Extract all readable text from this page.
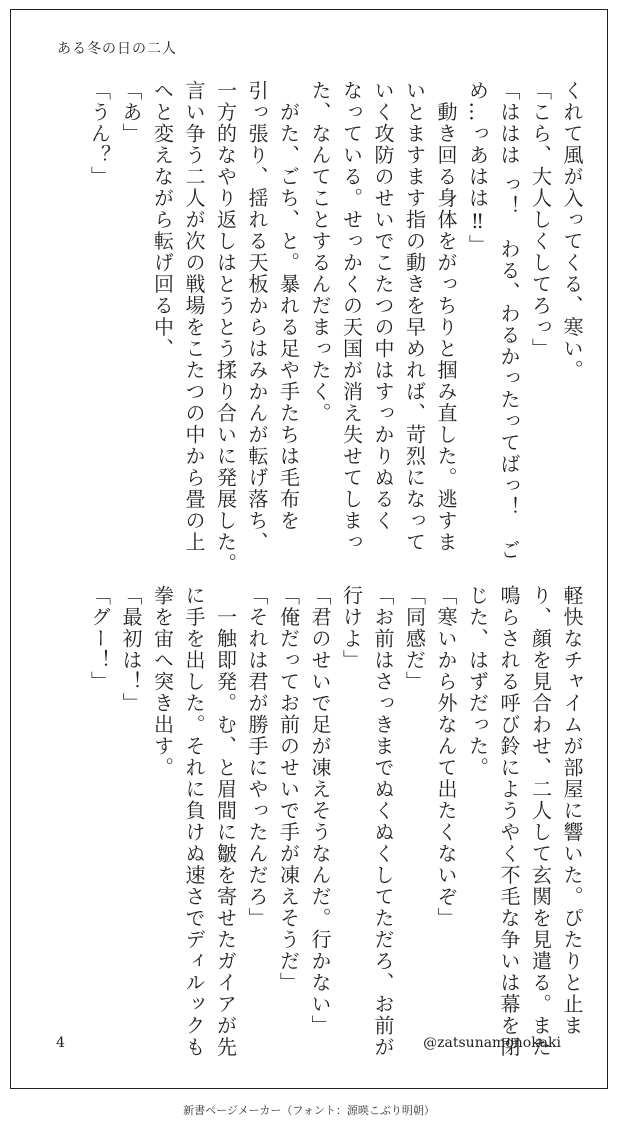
ある冬の日の二人
くれて風が入ってくる、寒い。
「こら、大人しくしてろっ」
「ははは っ！　わる、わるかったってばっ！　ご
め…っあはは‼」
　動き回る身体をがっちりと掴み直した。逃すま
いとますます指の動きを早めれば、苛烈になって
いく攻防のせいでこたつの中はすっかりぬるく
なっている。せっかくの天国が消え失せてしまっ
た、なんてことするんだまったく。
　がた、ごち、と。暴れる足や手たちは毛布を
引っ張り、揺れる天板からはみかんが転げ落ち、
一方的なやり返しはとうとう揉り合いに発展した。
言い争う二人が次の戦場をこたつの中から畳の上
へと変えながら転げ回る中、
「あ」
「うん？」
軽快なチャイムが部屋に響いた。ぴたりと止ま
り、顔を見合わせ、二人して玄関を見遣る。また
鳴らされる呼び鈴にようやく不毛な争いは幕を閉
じた、はずだった。
「寒いから外なんて出たくないぞ」
「同感だ」
「お前はさっきまでぬくぬくしてただろ、お前が
行けよ」
「君のせいで足が凍えそうなんだ。行かない」
「俺だってお前のせいで手が凍えそうだ」
「それは君が勝手にやったんだろ」
　一触即発。む、と眉間に皺を寄せたガイアが先
に手を出した。それに負けぬ速さでディルックも
拳を宙へ突き出す。
「最初は！」
「グー！」
4	@zatsunamonokaki
新書ページメーカー（フォント：源暎こぶり明朝）
